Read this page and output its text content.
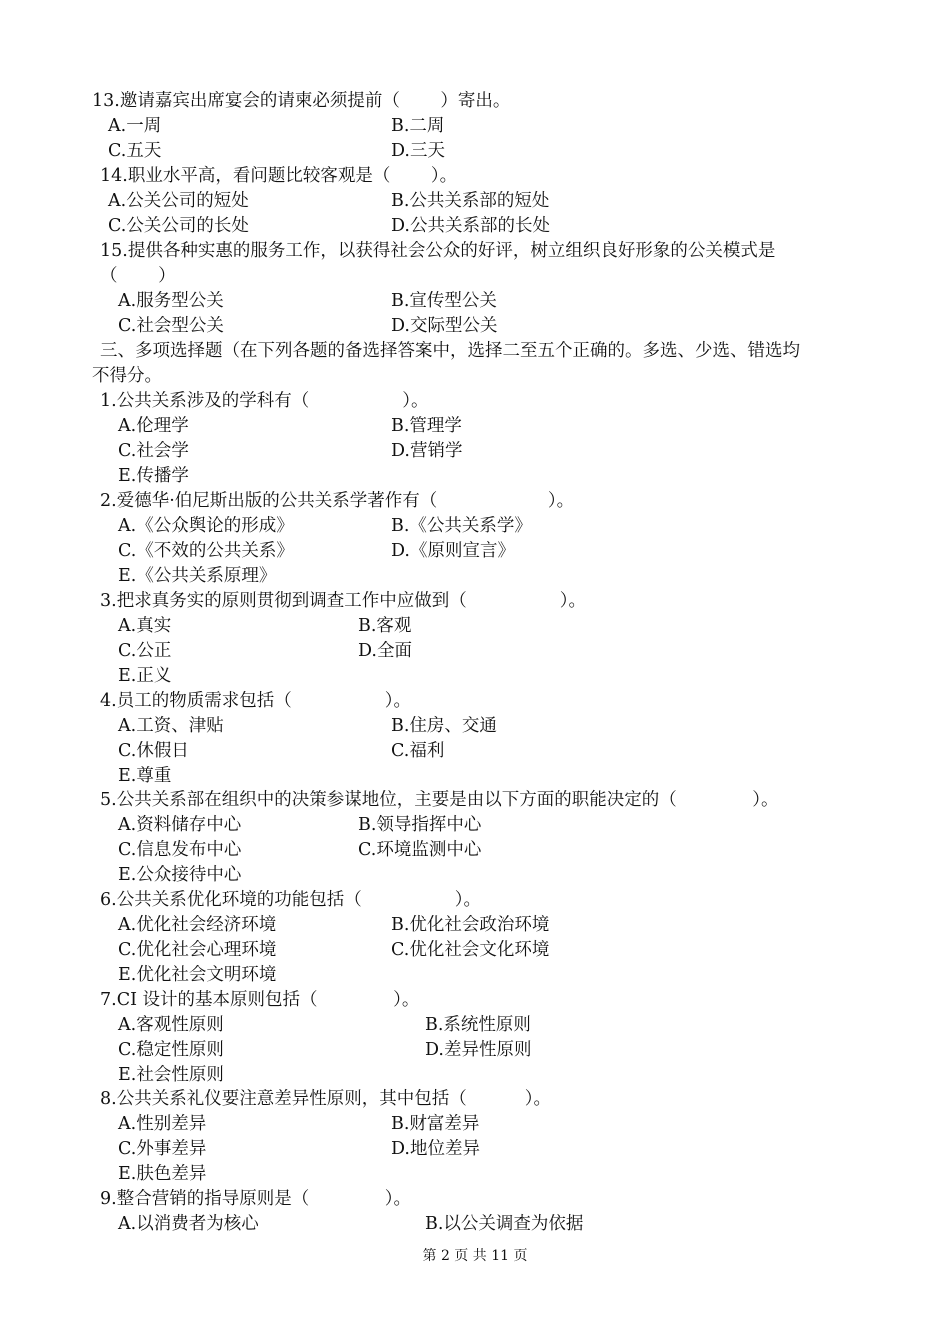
13.邀请嘉宾出席宴会的请柬必须提前（　　 ）寄出。
A.一周	B.二周
C.五天	D.三天
14.职业水平高，看问题比较客观是（　　 ）。
A.公关公司的短处	B.公共关系部的短处
C.公关公司的长处	D.公共关系部的长处
15.提供各种实惠的服务工作，以获得社会公众的好评，树立组织良好形象的公关模式是
（　　 ）
A.服务型公关	B.宣传型公关
C.社会型公关	D.交际型公关
三、多项选择题（在下列各题的备选择答案中，选择二至五个正确的。多选、少选、错选均
不得分。
1.公共关系涉及的学科有（　　　　　 ）。
A.伦理学	B.管理学
C.社会学	D.营销学
E.传播学
2.爱德华·伯尼斯出版的公共关系学著作有（　　　　　　 ）。
A.《公众舆论的形成》	B.《公共关系学》
C.《不效的公共关系》	D.《原则宣言》
E.《公共关系原理》
3.把求真务实的原则贯彻到调查工作中应做到（　　　　　 ）。
A.真实	B.客观
C.公正	D.全面
E.正义
4.员工的物质需求包括（　　　　　 ）。
A.工资、津贴	B.住房、交通
C.休假日	C.福利
E.尊重
5.公共关系部在组织中的决策参谋地位，主要是由以下方面的职能决定的（　　　　 ）。
A.资料储存中心	B.领导指挥中心
C.信息发布中心	C.环境监测中心
E.公众接待中心
6.公共关系优化环境的功能包括（　　　　　 ）。
A.优化社会经济环境	B.优化社会政治环境
C.优化社会心理环境	C.优化社会文化环境
E.优化社会文明环境
7.CI 设计的基本原则包括（　　　　 ）。
A.客观性原则	B.系统性原则
C.稳定性原则	D.差异性原则
E.社会性原则
8.公共关系礼仪要注意差异性原则，其中包括（　　　 ）。
A.性别差异	B.财富差异
C.外事差异	D.地位差异
E.肤色差异
9.整合营销的指导原则是（　　　　 ）。
A.以消费者为核心	B.以公关调查为依据
第 2 页 共 11 页
